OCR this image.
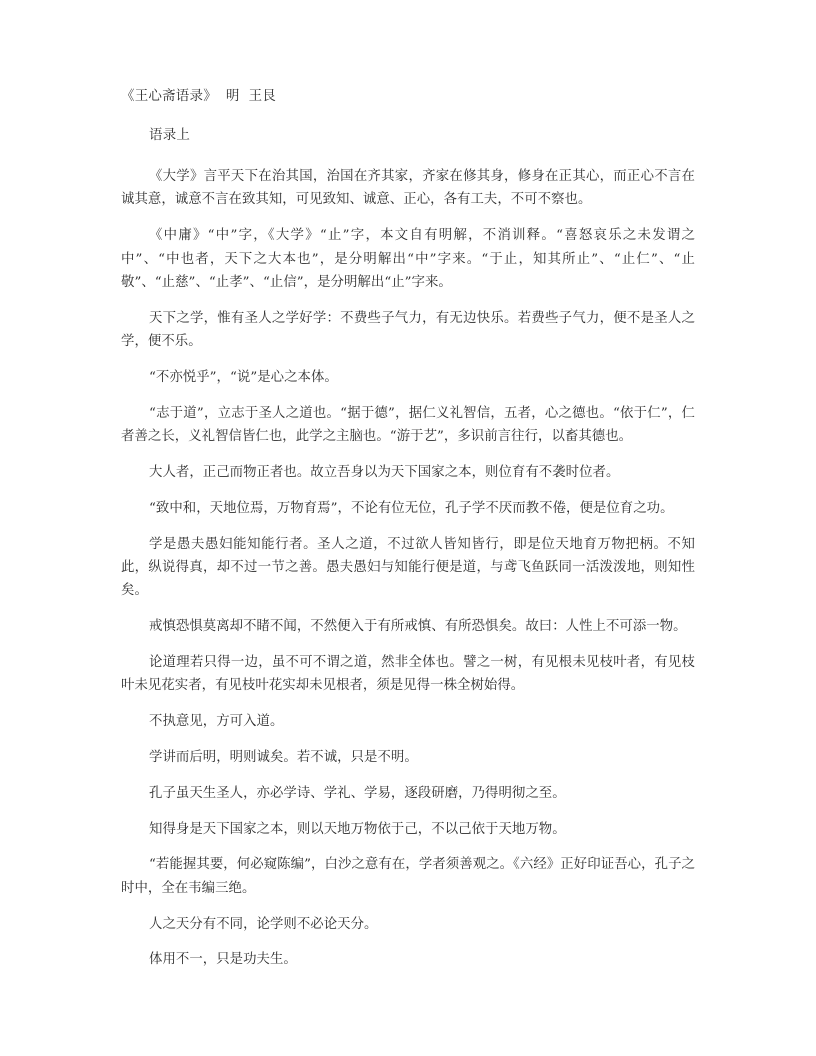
《王心斋语录》  明  王艮
语录上
《大学》言平天下在治其国，治国在齐其家，齐家在修其身，修身在正其心，而正心不言在诚其意，诚意不言在致其知，可见致知、诚意、正心，各有工夫，不可不察也。
《中庸》“中”字，《大学》“止”字，本文自有明解，不消训释。“喜怒哀乐之未发谓之中”、“中也者，天下之大本也”，是分明解出“中”字来。“于止，知其所止”、“止仁”、“止敬”、“止慈”、“止孝”、“止信”，是分明解出“止”字来。
天下之学，惟有圣人之学好学：不费些子气力，有无边快乐。若费些子气力，便不是圣人之学，便不乐。
“不亦悦乎”，“说”是心之本体。
“志于道”，立志于圣人之道也。“据于德”，据仁义礼智信，五者，心之德也。“依于仁”，仁者善之长，义礼智信皆仁也，此学之主脑也。“游于艺”，多识前言往行，以畜其德也。
大人者，正己而物正者也。故立吾身以为天下国家之本，则位育有不袭时位者。
“致中和，天地位焉，万物育焉”，不论有位无位，孔子学不厌而教不倦，便是位育之功。
学是愚夫愚妇能知能行者。圣人之道，不过欲人皆知皆行，即是位天地育万物把柄。不知此，纵说得真，却不过一节之善。愚夫愚妇与知能行便是道，与鸢飞鱼跃同一活泼泼地，则知性矣。
戒慎恐惧莫离却不睹不闻，不然便入于有所戒慎、有所恐惧矣。故曰：人性上不可添一物。
论道理若只得一边，虽不可不谓之道，然非全体也。譬之一树，有见根未见枝叶者，有见枝叶未见花实者，有见枝叶花实却未见根者，须是见得一株全树始得。
不执意见，方可入道。
学讲而后明，明则诚矣。若不诚，只是不明。
孔子虽天生圣人，亦必学诗、学礼、学易，逐段研磨，乃得明彻之至。
知得身是天下国家之本，则以天地万物依于己，不以己依于天地万物。
“若能握其要，何必窥陈编”，白沙之意有在，学者须善观之。《六经》正好印证吾心，孔子之时中，全在韦编三绝。
人之天分有不同，论学则不必论天分。
体用不一，只是功夫生。
